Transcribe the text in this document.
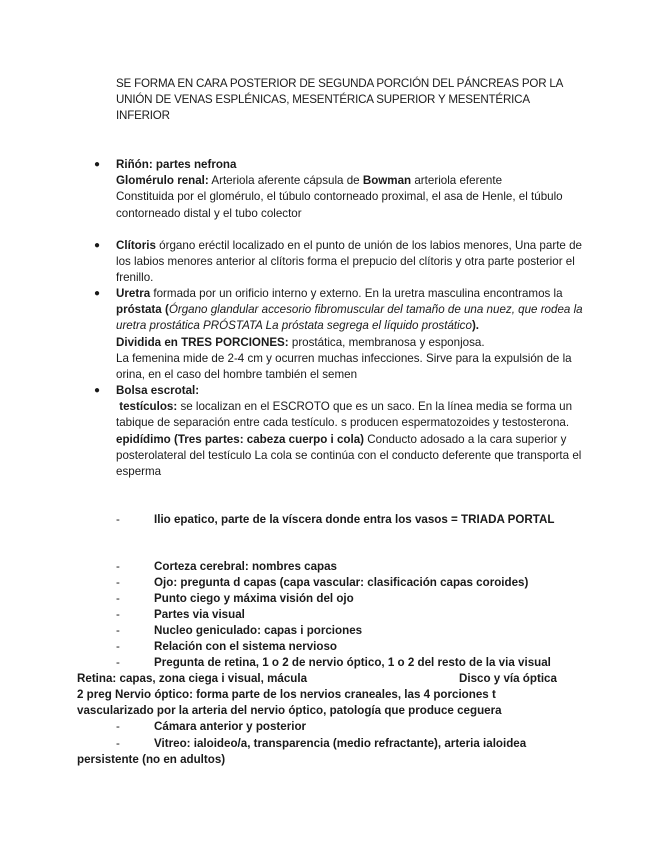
SE FORMA EN CARA POSTERIOR DE SEGUNDA PORCIÓN DEL PÁNCREAS POR LA UNIÓN DE VENAS ESPLÉNICAS, MESENTÉRICA SUPERIOR Y MESENTÉRICA INFERIOR
● Riñón: partes nefrona
Glomérulo renal: Arteriola aferente cápsula de Bowman arteriola eferente
Constituida por el glomérulo, el túbulo contorneado proximal, el asa de Henle, el túbulo contorneado distal y el tubo colector
● Clítoris órgano eréctil localizado en el punto de unión de los labios menores, Una parte de los labios menores anterior al clítoris forma el prepucio del clítoris y otra parte posterior el frenillo.
● Uretra formada por un orificio interno y externo. En la uretra masculina encontramos la próstata (Órgano glandular accesorio fibromuscular del tamaño de una nuez, que rodea la uretra prostática PRÓSTATA La próstata segrega el líquido prostático).
Dividida en TRES PORCIONES: prostática, membranosa y esponjosa.
La femenina mide de 2-4 cm y ocurren muchas infecciones. Sirve para la expulsión de la orina, en el caso del hombre también el semen
● Bolsa escrotal:
testículos: se localizan en el ESCROTO que es un saco. En la línea media se forma un tabique de separación entre cada testículo. s producen espermatozoides y testosterona.
epidídimo (Tres partes: cabeza cuerpo i cola) Conducto adosado a la cara superior y posterolateral del testículo La cola se continúa con el conducto deferente que transporta el esperma
-	Ilio epatico, parte de la víscera donde entra los vasos = TRIADA PORTAL
-	Corteza cerebral: nombres capas
-	Ojo: pregunta d capas (capa vascular: clasificación capas coroides)
-	Punto ciego y máxima visión del ojo
-	Partes via visual
-	Nucleo geniculado: capas i porciones
-	Relación con el sistema nervioso
-	Pregunta de retina, 1 o 2 de nervio óptico, 1 o 2 del resto de la via visual
Retina: capas, zona ciega i visual, mácula	Disco y vía óptica
2 preg Nervio óptico: forma parte de los nervios craneales, las 4 porciones t
vascularizado por la arteria del nervio óptico, patología que produce ceguera
-	Cámara anterior y posterior
-	Vitreo: ialoideo/a, transparencia (medio refractante), arteria ialoidea
persistente (no en adultos)
